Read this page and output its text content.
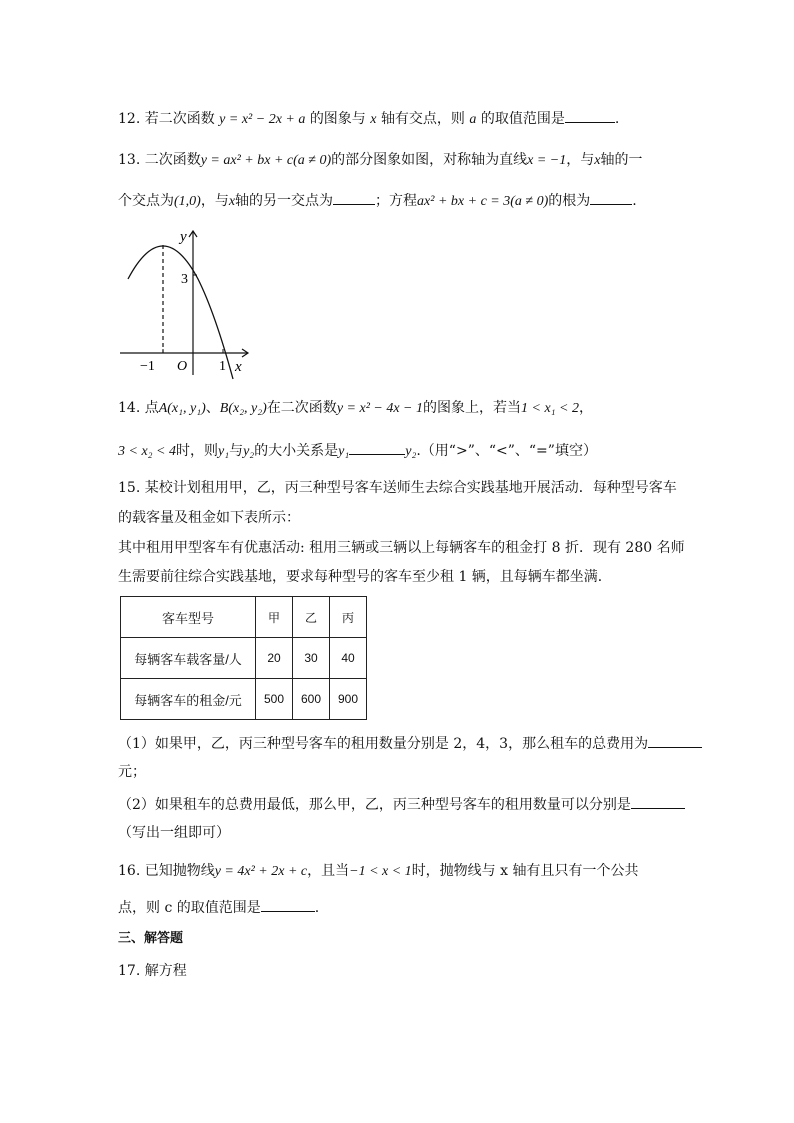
12. 若二次函数 y = x² − 2x + a 的图象与 x 轴有交点，则 a 的取值范围是	.
13. 二次函数y = ax² + bx + c(a ≠ 0)的部分图象如图，对称轴为直线x = −1，与x轴的一
个交点为(1,0)，与x轴的另一交点为	；方程ax² + bx + c = 3(a ≠ 0)的根为	.
y
x
3
−1 O 1
14. 点A(x₁, y₁)、B(x₂, y₂)在二次函数y = x² − 4x − 1的图象上，若当1 < x₁ < 2，
3 < x₂ < 4时，则y₁与y₂的大小关系是y₁	y₂.（用“>”、“<”、“=”填空）
15. 某校计划租用甲，乙，丙三种型号客车送师生去综合实践基地开展活动．每种型号客车
的载客量及租金如下表所示：
其中租用甲型客车有优惠活动: 租用三辆或三辆以上每辆客车的租金打 8 折．现有 280 名师
生需要前往综合实践基地，要求每种型号的客车至少租 1 辆，且每辆车都坐满．
客车型号	甲	乙	丙
每辆客车载客量/人	20	30	40
每辆客车的租金/元	500	600	900
（1）如果甲，乙，丙三种型号客车的租用数量分别是 2，4，3，那么租车的总费用为
元；
（2）如果租车的总费用最低，那么甲，乙，丙三种型号客车的租用数量可以分别是
（写出一组即可）
16. 已知抛物线y = 4x² + 2x + c，且当−1 < x < 1时，抛物线与 x 轴有且只有一个公共
点，则 c 的取值范围是	.
三、解答题
17. 解方程
